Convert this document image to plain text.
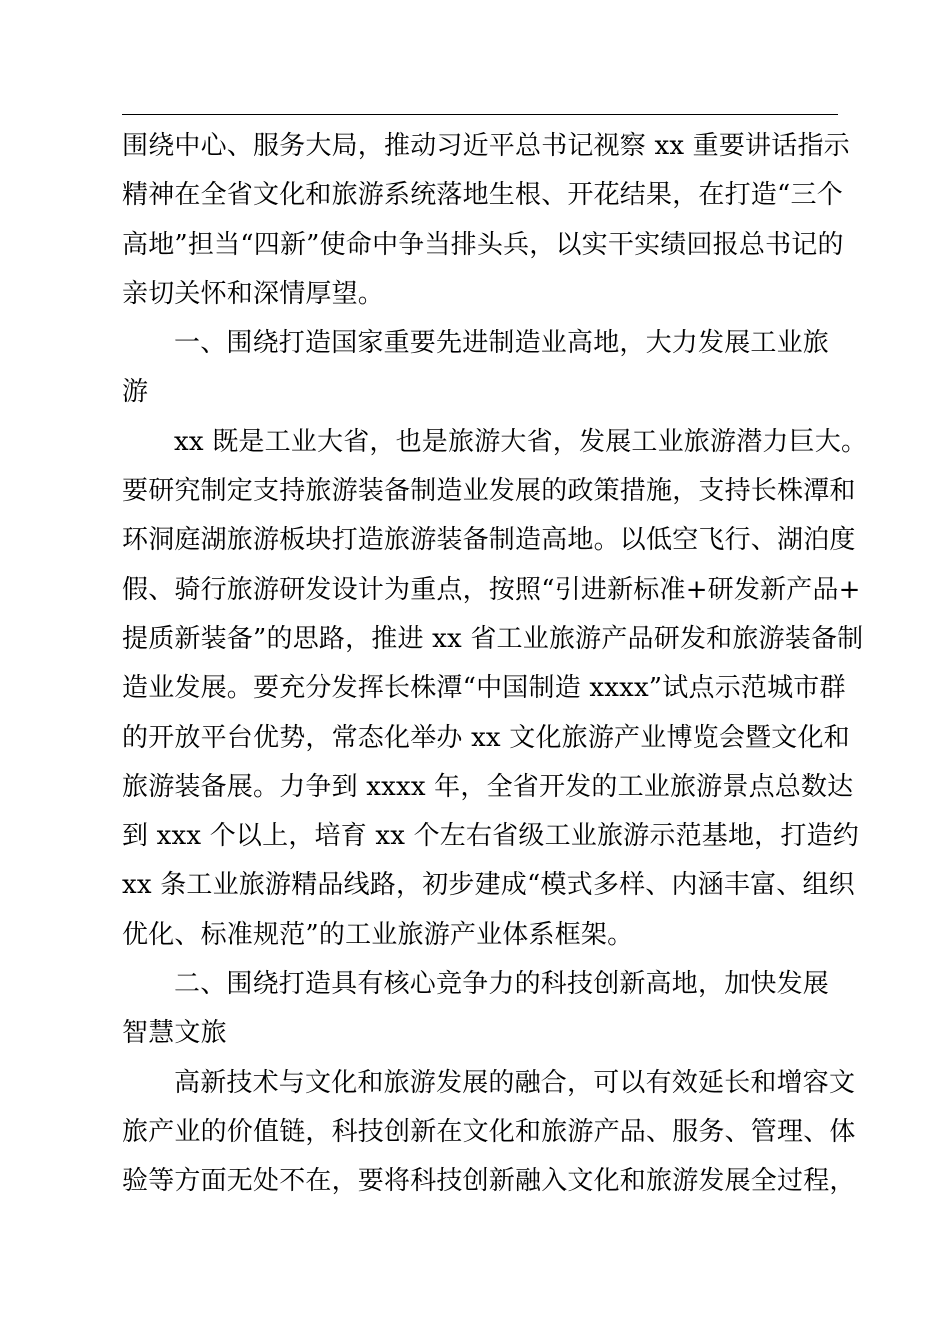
围绕中心、服务大局，推动习近平总书记视察 xx 重要讲话指示
精神在全省文化和旅游系统落地生根、开花结果，在打造“三个
高地”担当“四新”使命中争当排头兵，以实干实绩回报总书记的
亲切关怀和深情厚望。
一、围绕打造国家重要先进制造业高地，大力发展工业旅
游
xx 既是工业大省，也是旅游大省，发展工业旅游潜力巨大。
要研究制定支持旅游装备制造业发展的政策措施，支持长株潭和
环洞庭湖旅游板块打造旅游装备制造高地。以低空飞行、湖泊度
假、骑行旅游研发设计为重点，按照“引进新标准+研发新产品+
提质新装备”的思路，推进 xx 省工业旅游产品研发和旅游装备制
造业发展。要充分发挥长株潭“中国制造 xxxx”试点示范城市群
的开放平台优势，常态化举办 xx 文化旅游产业博览会暨文化和
旅游装备展。力争到 xxxx 年，全省开发的工业旅游景点总数达
到 xxx 个以上，培育 xx 个左右省级工业旅游示范基地，打造约
xx 条工业旅游精品线路，初步建成“模式多样、内涵丰富、组织
优化、标准规范”的工业旅游产业体系框架。
二、围绕打造具有核心竞争力的科技创新高地，加快发展
智慧文旅
高新技术与文化和旅游发展的融合，可以有效延长和增容文
旅产业的价值链，科技创新在文化和旅游产品、服务、管理、体
验等方面无处不在，要将科技创新融入文化和旅游发展全过程，
